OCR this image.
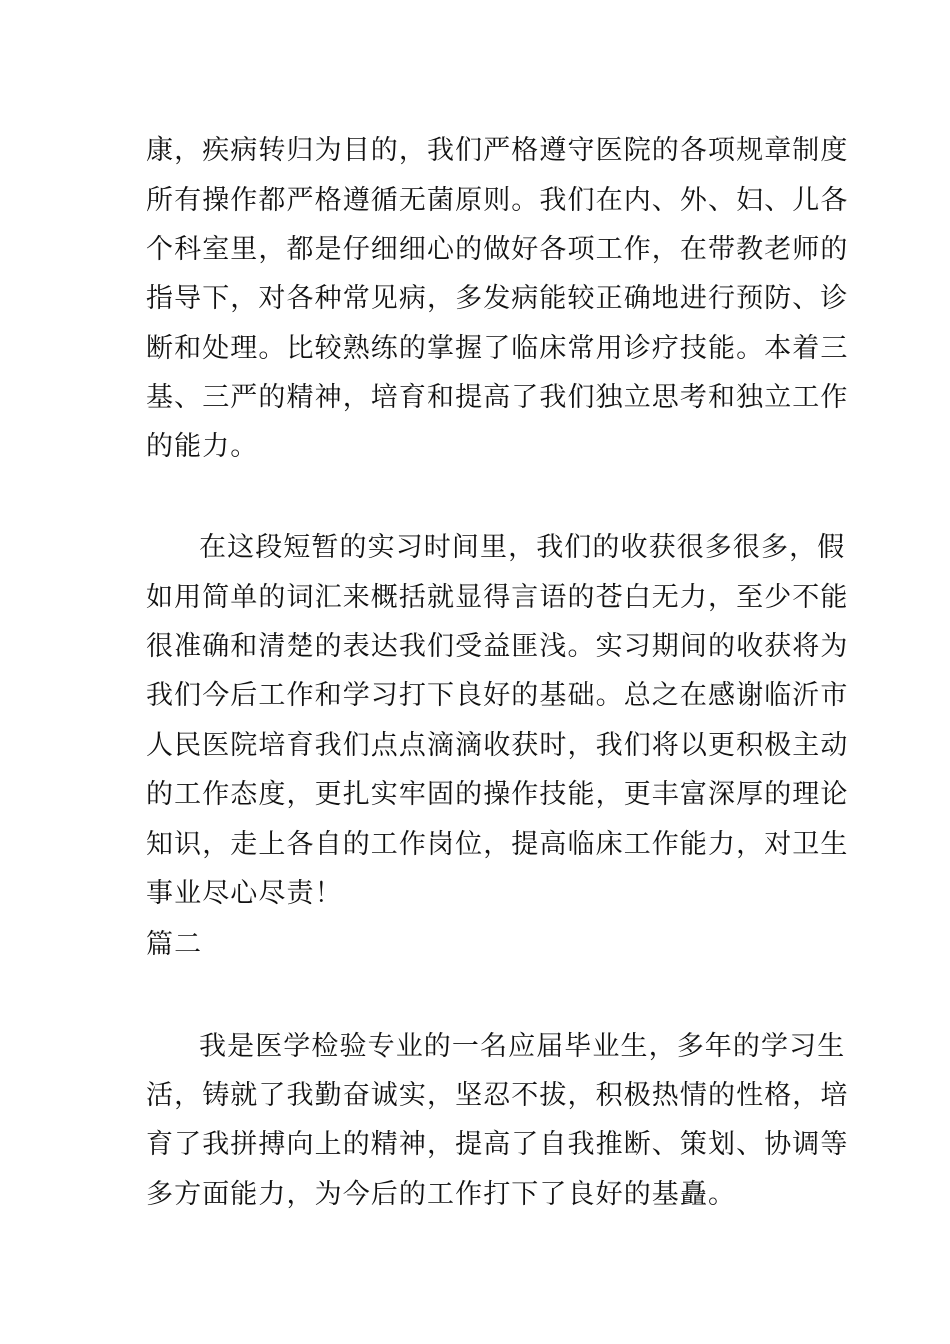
康，疾病转归为目的，我们严格遵守医院的各项规章制度
所有操作都严格遵循无菌原则。我们在内、外、妇、儿各
个科室里，都是仔细细心的做好各项工作，在带教老师的
指导下，对各种常见病，多发病能较正确地进行预防、诊
断和处理。比较熟练的掌握了临床常用诊疗技能。本着三
基、三严的精神，培育和提高了我们独立思考和独立工作
的能力。
在这段短暂的实习时间里，我们的收获很多很多，假
如用简单的词汇来概括就显得言语的苍白无力，至少不能
很准确和清楚的表达我们受益匪浅。实习期间的收获将为
我们今后工作和学习打下良好的基础。总之在感谢临沂市
人民医院培育我们点点滴滴收获时，我们将以更积极主动
的工作态度，更扎实牢固的操作技能，更丰富深厚的理论
知识，走上各自的工作岗位，提高临床工作能力，对卫生
事业尽心尽责！
篇二
我是医学检验专业的一名应届毕业生，多年的学习生
活，铸就了我勤奋诚实，坚忍不拔，积极热情的性格，培
育了我拼搏向上的精神，提高了自我推断、策划、协调等
多方面能力，为今后的工作打下了良好的基矗。
